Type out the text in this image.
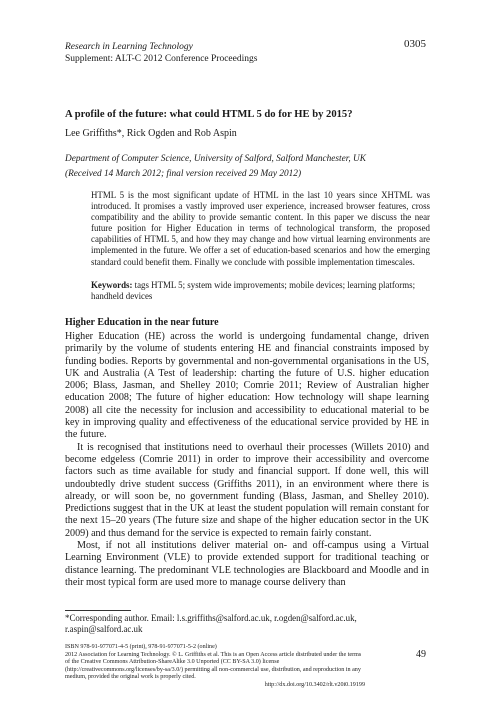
Research in Learning Technology
Supplement: ALT-C 2012 Conference Proceedings
0305
A profile of the future: what could HTML 5 do for HE by 2015?
Lee Griffiths*, Rick Ogden and Rob Aspin
Department of Computer Science, University of Salford, Salford Manchester, UK
(Received 14 March 2012; final version received 29 May 2012)
HTML 5 is the most significant update of HTML in the last 10 years since XHTML was introduced. It promises a vastly improved user experience, increased browser features, cross compatibility and the ability to provide semantic content. In this paper we discuss the near future position for Higher Education in terms of technological transform, the proposed capabilities of HTML 5, and how they may change and how virtual learning environments are implemented in the future. We offer a set of education-based scenarios and how the emerging standard could benefit them. Finally we conclude with possible implementation timescales.
Keywords: tags HTML 5; system wide improvements; mobile devices; learning platforms; handheld devices
Higher Education in the near future

Higher Education (HE) across the world is undergoing fundamental change, driven primarily by the volume of students entering HE and financial constraints imposed by funding bodies. Reports by governmental and non-governmental organisations in the US, UK and Australia (A Test of leadership: charting the future of U.S. higher education 2006; Blass, Jasman, and Shelley 2010; Comrie 2011; Review of Australian higher education 2008; The future of higher education: How technology will shape learning 2008) all cite the necessity for inclusion and accessibility to educational material to be key in improving quality and effectiveness of the educational service provided by HE in the future.

It is recognised that institutions need to overhaul their processes (Willets 2010) and become edgeless (Comrie 2011) in order to improve their accessibility and overcome factors such as time available for study and financial support. If done well, this will undoubtedly drive student success (Griffiths 2011), in an environment where there is already, or will soon be, no government funding (Blass, Jasman, and Shelley 2010). Predictions suggest that in the UK at least the student population will remain constant for the next 15–20 years (The future size and shape of the higher education sector in the UK 2009) and thus demand for the service is expected to remain fairly constant.

Most, if not all institutions deliver material on- and off-campus using a Virtual Learning Environment (VLE) to provide extended support for traditional teaching or distance learning. The predominant VLE technologies are Blackboard and Moodle and in their most typical form are used more to manage course delivery than

*Corresponding author. Email: l.s.griffiths@salford.ac.uk, r.ogden@salford.ac.uk, r.aspin@salford.ac.uk
ISBN 978-91-977071-4-5 (print), 978-91-977071-5-2 (online)
2012 Association for Learning Technology. © L. Griffiths et al. This is an Open Access article distributed under the terms of the Creative Commons Attribution-ShareAlike 3.0 Unported (CC BY-SA 3.0) license (http://creativecommons.org/licenses/by-sa/3.0/) permitting all non-commercial use, distribution, and reproduction in any medium, provided the original work is properly cited.
http://dx.doi.org/10.3402/rlt.v20i0.19199
49
